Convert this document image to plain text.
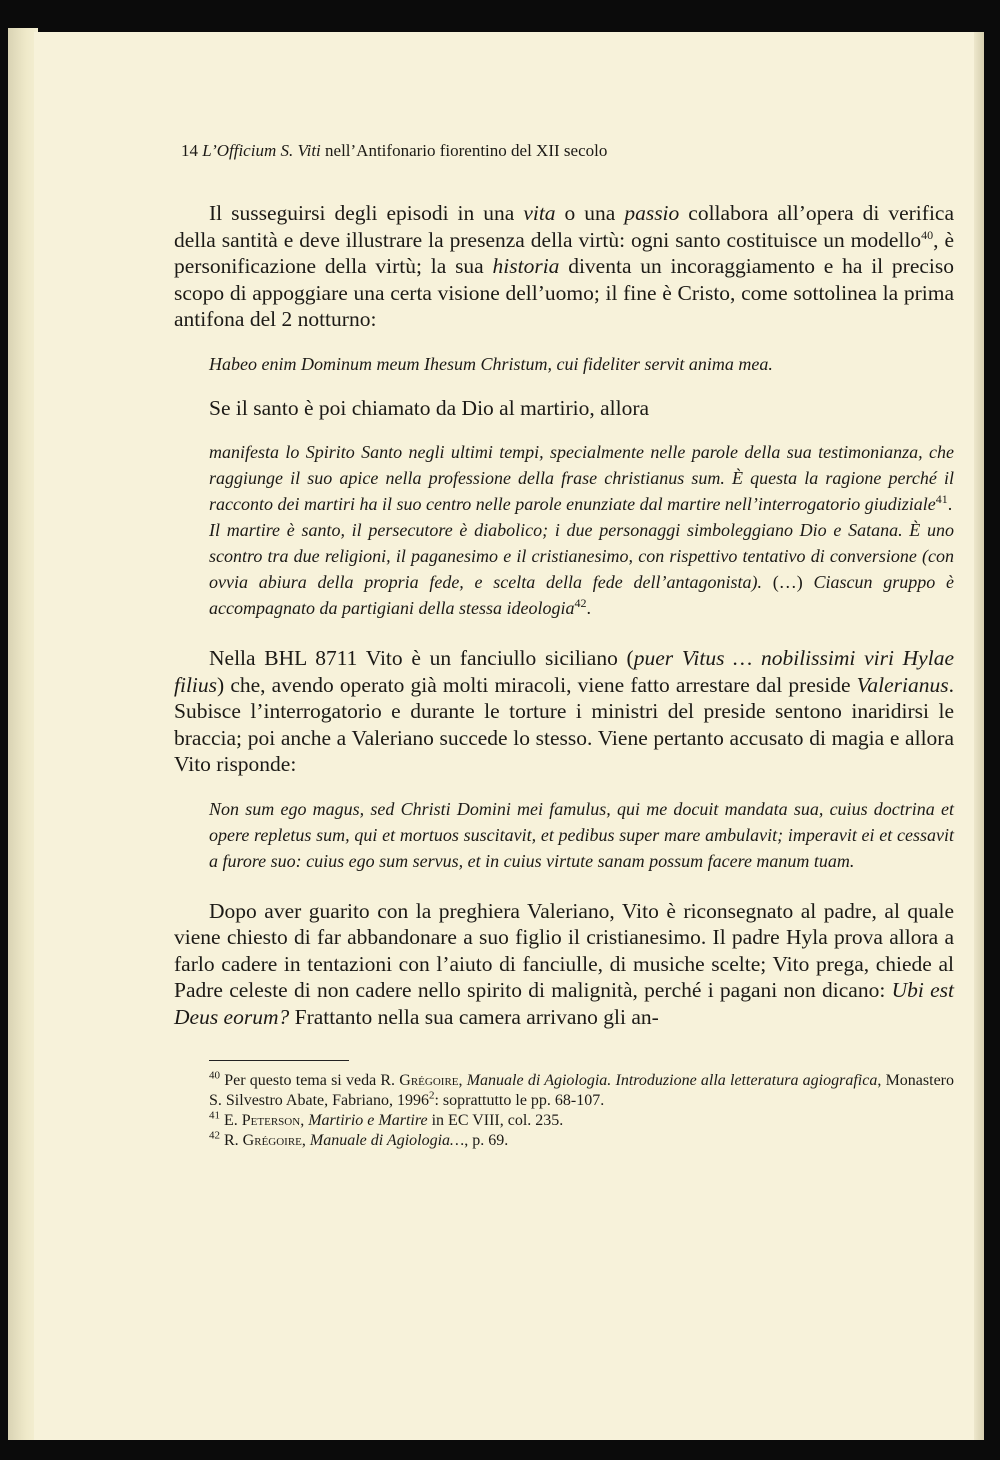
14 L’Officium S. Viti nell’Antifonario fiorentino del XII secolo

Il susseguirsi degli episodi in una vita o una passio collabora all’opera di verifica della santità e deve illustrare la presenza della virtù: ogni santo costituisce un modello$^{40}$, è personificazione della virtù; la sua historia diventa un incoraggiamento e ha il preciso scopo di appoggiare una certa visione dell’uomo; il fine è Cristo, come sottolinea la prima antifona del 2 notturno:

Habeo enim Dominum meum Ihesum Christum, cui fideliter servit anima mea.

Se il santo è poi chiamato da Dio al martirio, allora

manifesta lo Spirito Santo negli ultimi tempi, specialmente nelle parole della sua testimonianza, che raggiunge il suo apice nella professione della frase christianus sum. È questa la ragione perché il racconto dei martiri ha il suo centro nelle parole enunziate dal martire nell’interrogatorio giudiziale$^{41}$.

Il martire è santo, il persecutore è diabolico; i due personaggi simboleggiano Dio e Satana. È uno scontro tra due religioni, il paganesimo e il cristianesimo, con rispettivo tentativo di conversione (con ovvia abiura della propria fede, e scelta della fede dell’antagonista). (…) Ciascun gruppo è accompagnato da partigiani della stessa ideologia$^{42}$.

Nella BHL 8711 Vito è un fanciullo siciliano (puer Vitus … nobilissimi viri Hylae filius) che, avendo operato già molti miracoli, viene fatto arrestare dal preside Valerianus. Subisce l’interrogatorio e durante le torture i ministri del preside sentono inaridirsi le braccia; poi anche a Valeriano succede lo stesso. Viene pertanto accusato di magia e allora Vito risponde:

Non sum ego magus, sed Christi Domini mei famulus, qui me docuit mandata sua, cuius doctrina et opere repletus sum, qui et mortuos suscitavit, et pedibus super mare ambulavit; imperavit ei et cessavit a furore suo: cuius ego sum servus, et in cuius virtute sanam possum facere manum tuam.

Dopo aver guarito con la preghiera Valeriano, Vito è riconsegnato al padre, al quale viene chiesto di far abbandonare a suo figlio il cristianesimo. Il padre Hyla prova allora a farlo cadere in tentazioni con l’aiuto di fanciulle, di musiche scelte; Vito prega, chiede al Padre celeste di non cadere nello spirito di malignità, perché i pagani non dicano: Ubi est Deus eorum? Frattanto nella sua camera arrivano gli an-

$^{40}$ Per questo tema si veda R. Grégoire, Manuale di Agiologia. Introduzione alla letteratura agiografica, Monastero S. Silvestro Abate, Fabriano, 1996$^2$: soprattutto le pp. 68-107.

$^{41}$ E. Peterson, Martirio e Martire in EC VIII, col. 235.

$^{42}$ R. Grégoire, Manuale di Agiologia…, p. 69.
